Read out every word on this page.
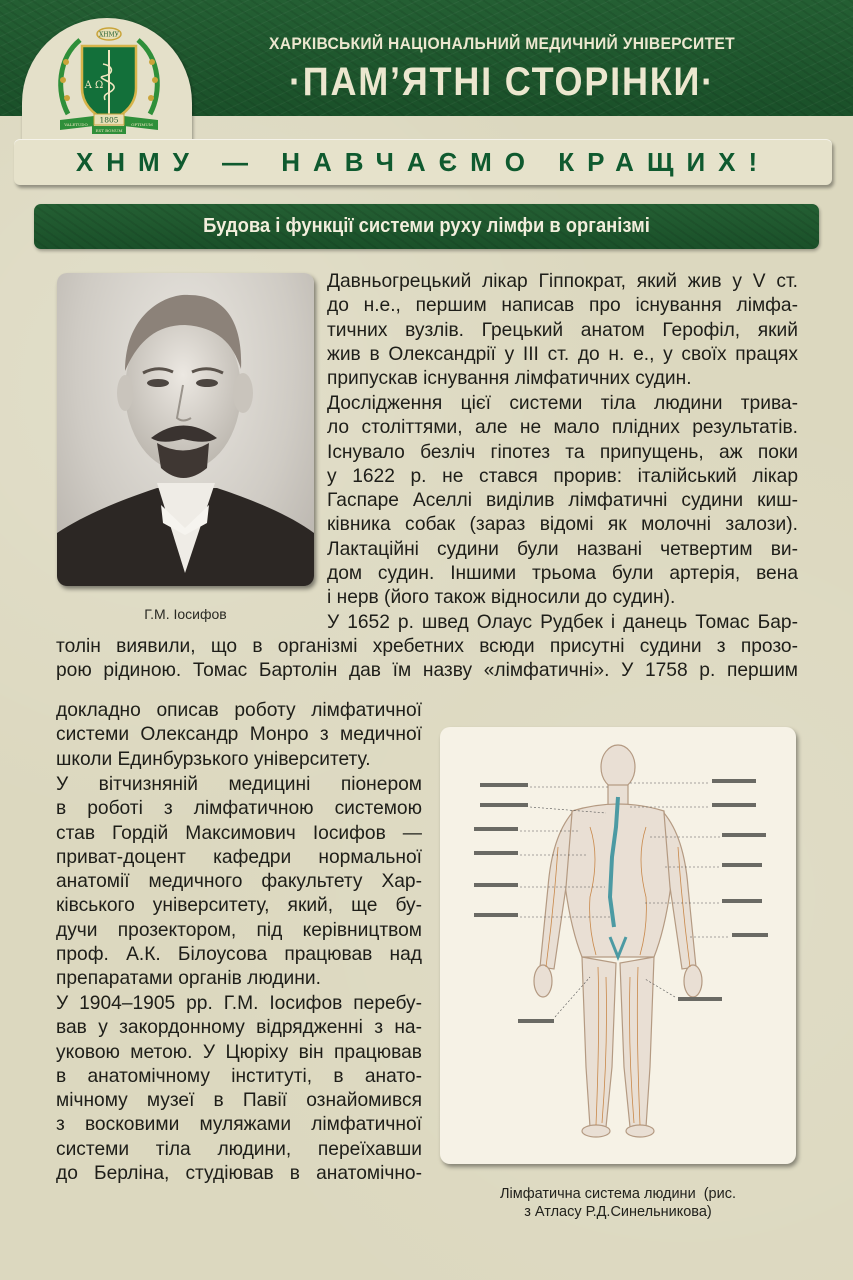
ХНМУ
Α Ω
1805
VALETUDO
EST BONUM
OPTIMUM
ХАРКІВСЬКИЙ НАЦІОНАЛЬНИЙ МЕДИЧНИЙ УНІВЕРСИТЕТ
·ПАМ’ЯТНІ СТОРІНКИ·
ХНМУ — НАВЧАЄМО КРАЩИХ!
Будова і функції системи руху лімфи в організмі
Г.М. Іосифов
Давньогрецький лікар Гіппократ, який жив у V ст.
до н.е., першим написав про існування лімфа-
тичних вузлів. Грецький анатом Герофіл, який
жив в Олександрії у ІІІ ст. до н. е., у своїх працях
припускав існування лімфатичних судин.
Дослідження цієї системи тіла людини трива-
ло століттями, але не мало плідних результатів.
Існувало безліч гіпотез та припущень, аж поки
у 1622 р. не стався прорив: італійський лікар
Гаспаре Аселлі виділив лімфатичні судини киш-
ківника собак (зараз відомі як молочні залози).
Лактаційні судини були названі четвертим ви-
дом судин. Іншими трьома були артерія, вена
і нерв (його також відносили до судин).
У 1652 р. швед Олаус Рудбек і данець Томас Бар-
толін виявили, що в організмі хребетних всюди присутні судини з прозо-
рою рідиною. Томас Бартолін дав їм назву «лімфатичні». У 1758 р. першим
докладно описав роботу лімфатичної
системи Олександр Монро з медичної
школи Единбурзького університету.
У вітчизняній медицині піонером
в роботі з лімфатичною системою
став Гордій Максимович Іосифов —
приват-доцент кафедри нормальної
анатомії медичного факультету Хар-
ківського університету, який, ще бу-
дучи прозектором, під керівництвом
проф. А.К. Білоусова працював над
препаратами органів людини.
У 1904–1905 рр. Г.М. Іосифов перебу-
вав у закордонному відрядженні з на-
уковою метою. У Цюріху він працював
в анатомічному інституті, в анато-
мічному музеї в Павії ознайомився
з восковими муляжами лімфатичної
системи тіла людини, переїхавши
до Берліна, студіював в анатомічно-
Лімфатична система людини  (рис.
з Атласу Р.Д.Синельникова)
